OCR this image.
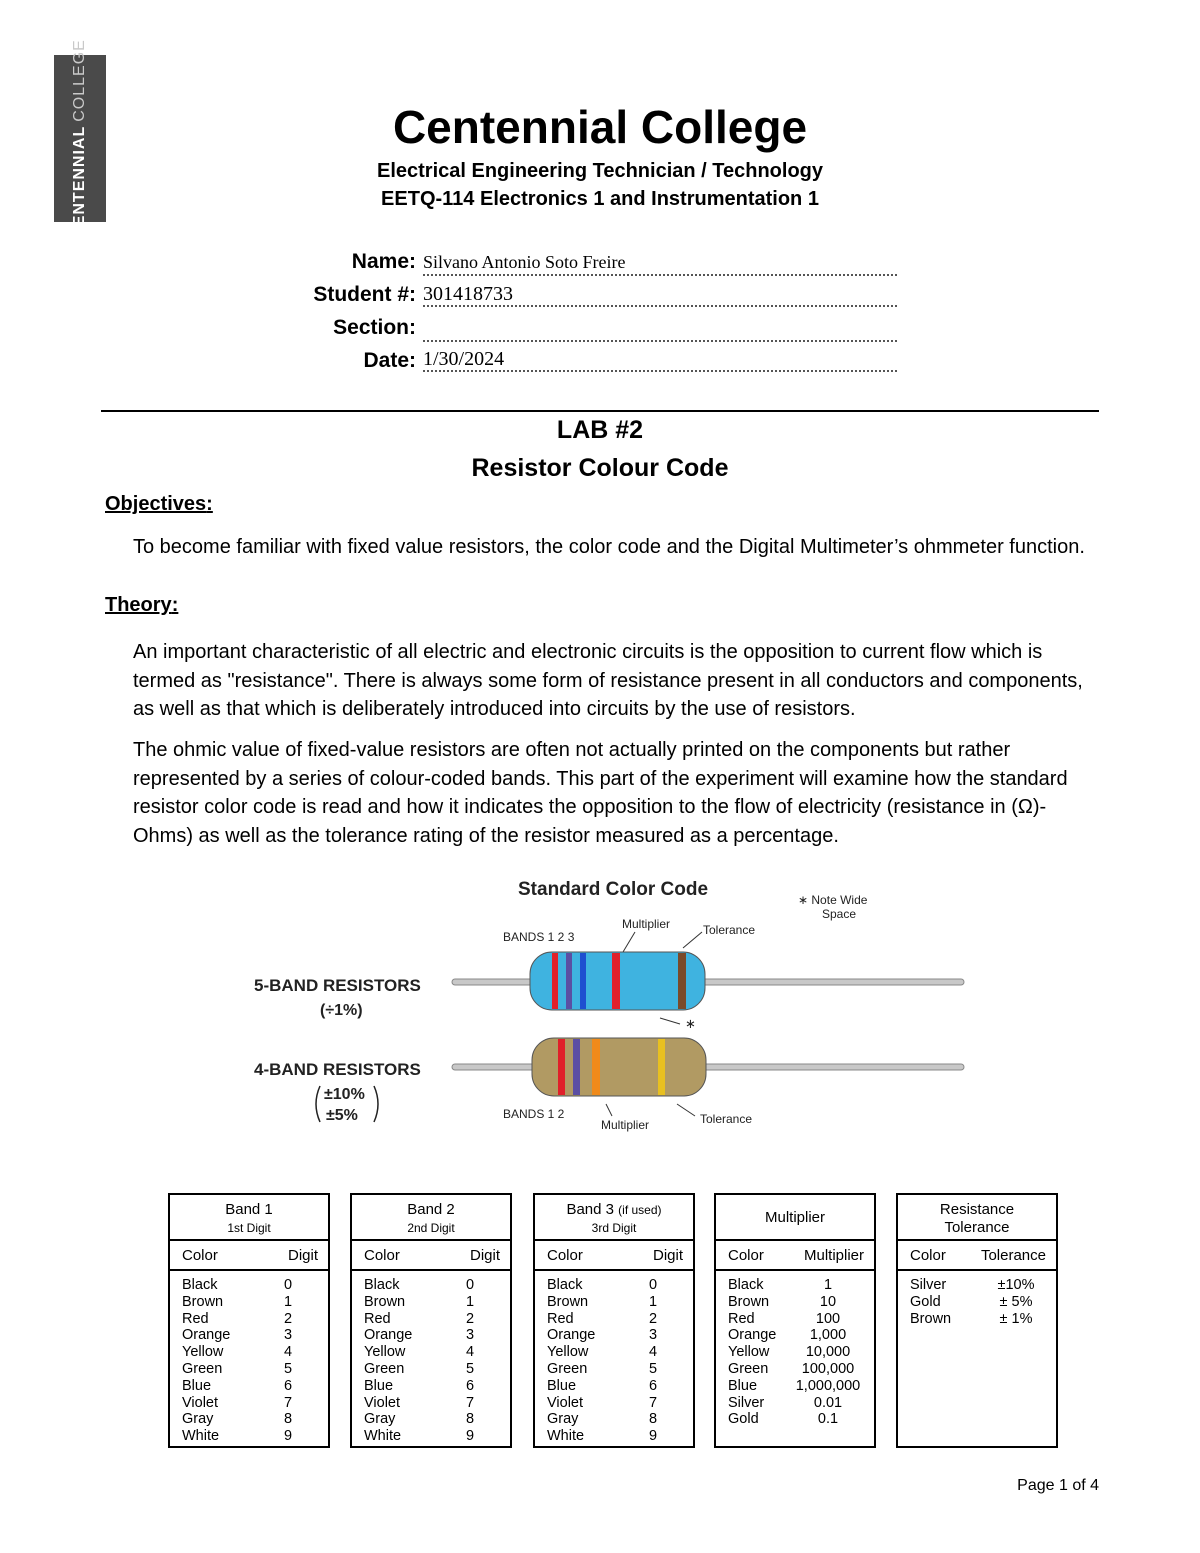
CENTENNIALCOLLEGE
Centennial College
Electrical Engineering Technician / Technology
EETQ-114 Electronics 1 and Instrumentation 1
Name: Silvano Antonio Soto Freire
Student #: 301418733
Section:
Date: 1/30/2024
LAB #2
Resistor Colour Code
Objectives:
To become familiar with fixed value resistors, the color code and the Digital Multimeter’s ohmmeter function.
Theory:
An important characteristic of all electric and electronic circuits is the opposition to current flow which is termed as "resistance". There is always some form of resistance present in all conductors and components, as well as that which is deliberately introduced into circuits by the use of resistors.
The ohmic value of fixed-value resistors are often not actually printed on the components but rather represented by a series of colour-coded bands. This part of the experiment will examine how the standard resistor color code is read and how it indicates the opposition to the flow of electricity (resistance in (Ω)- Ohms) as well as the tolerance rating of the resistor measured as a percentage.
Standard Color Code	∗ Note Wide
Space
BANDS 1 2 3
Multiplier	Tolerance
5-BAND RESISTORS
(÷1%)
∗
4-BAND RESISTORS
±10%
±5%	BANDS 1 2
Multiplier	Tolerance
Band 1
1st Digit
Color	Digit
Black	0
Brown	1
Red	2
Orange	3
Yellow	4
Green	5
Blue	6
Violet	7
Gray	8
White	9
Band 2
2nd Digit
Color	Digit
Black	0
Brown	1
Red	2
Orange	3
Yellow	4
Green	5
Blue	6
Violet	7
Gray	8
White	9
Band 3 (if used)
3rd Digit
Color	Digit
Black	0
Brown	1
Red	2
Orange	3
Yellow	4
Green	5
Blue	6
Violet	7
Gray	8
White	9
Multiplier
Color	Multiplier
Black	1
Brown	10
Red	100
Orange	1,000
Yellow	10,000
Green	100,000
Blue	1,000,000
Silver	0.01
Gold	0.1
Resistance
Tolerance
Color Tolerance
Silver	±10%
Gold	± 5%
Brown	± 1%
Page 1 of 4
